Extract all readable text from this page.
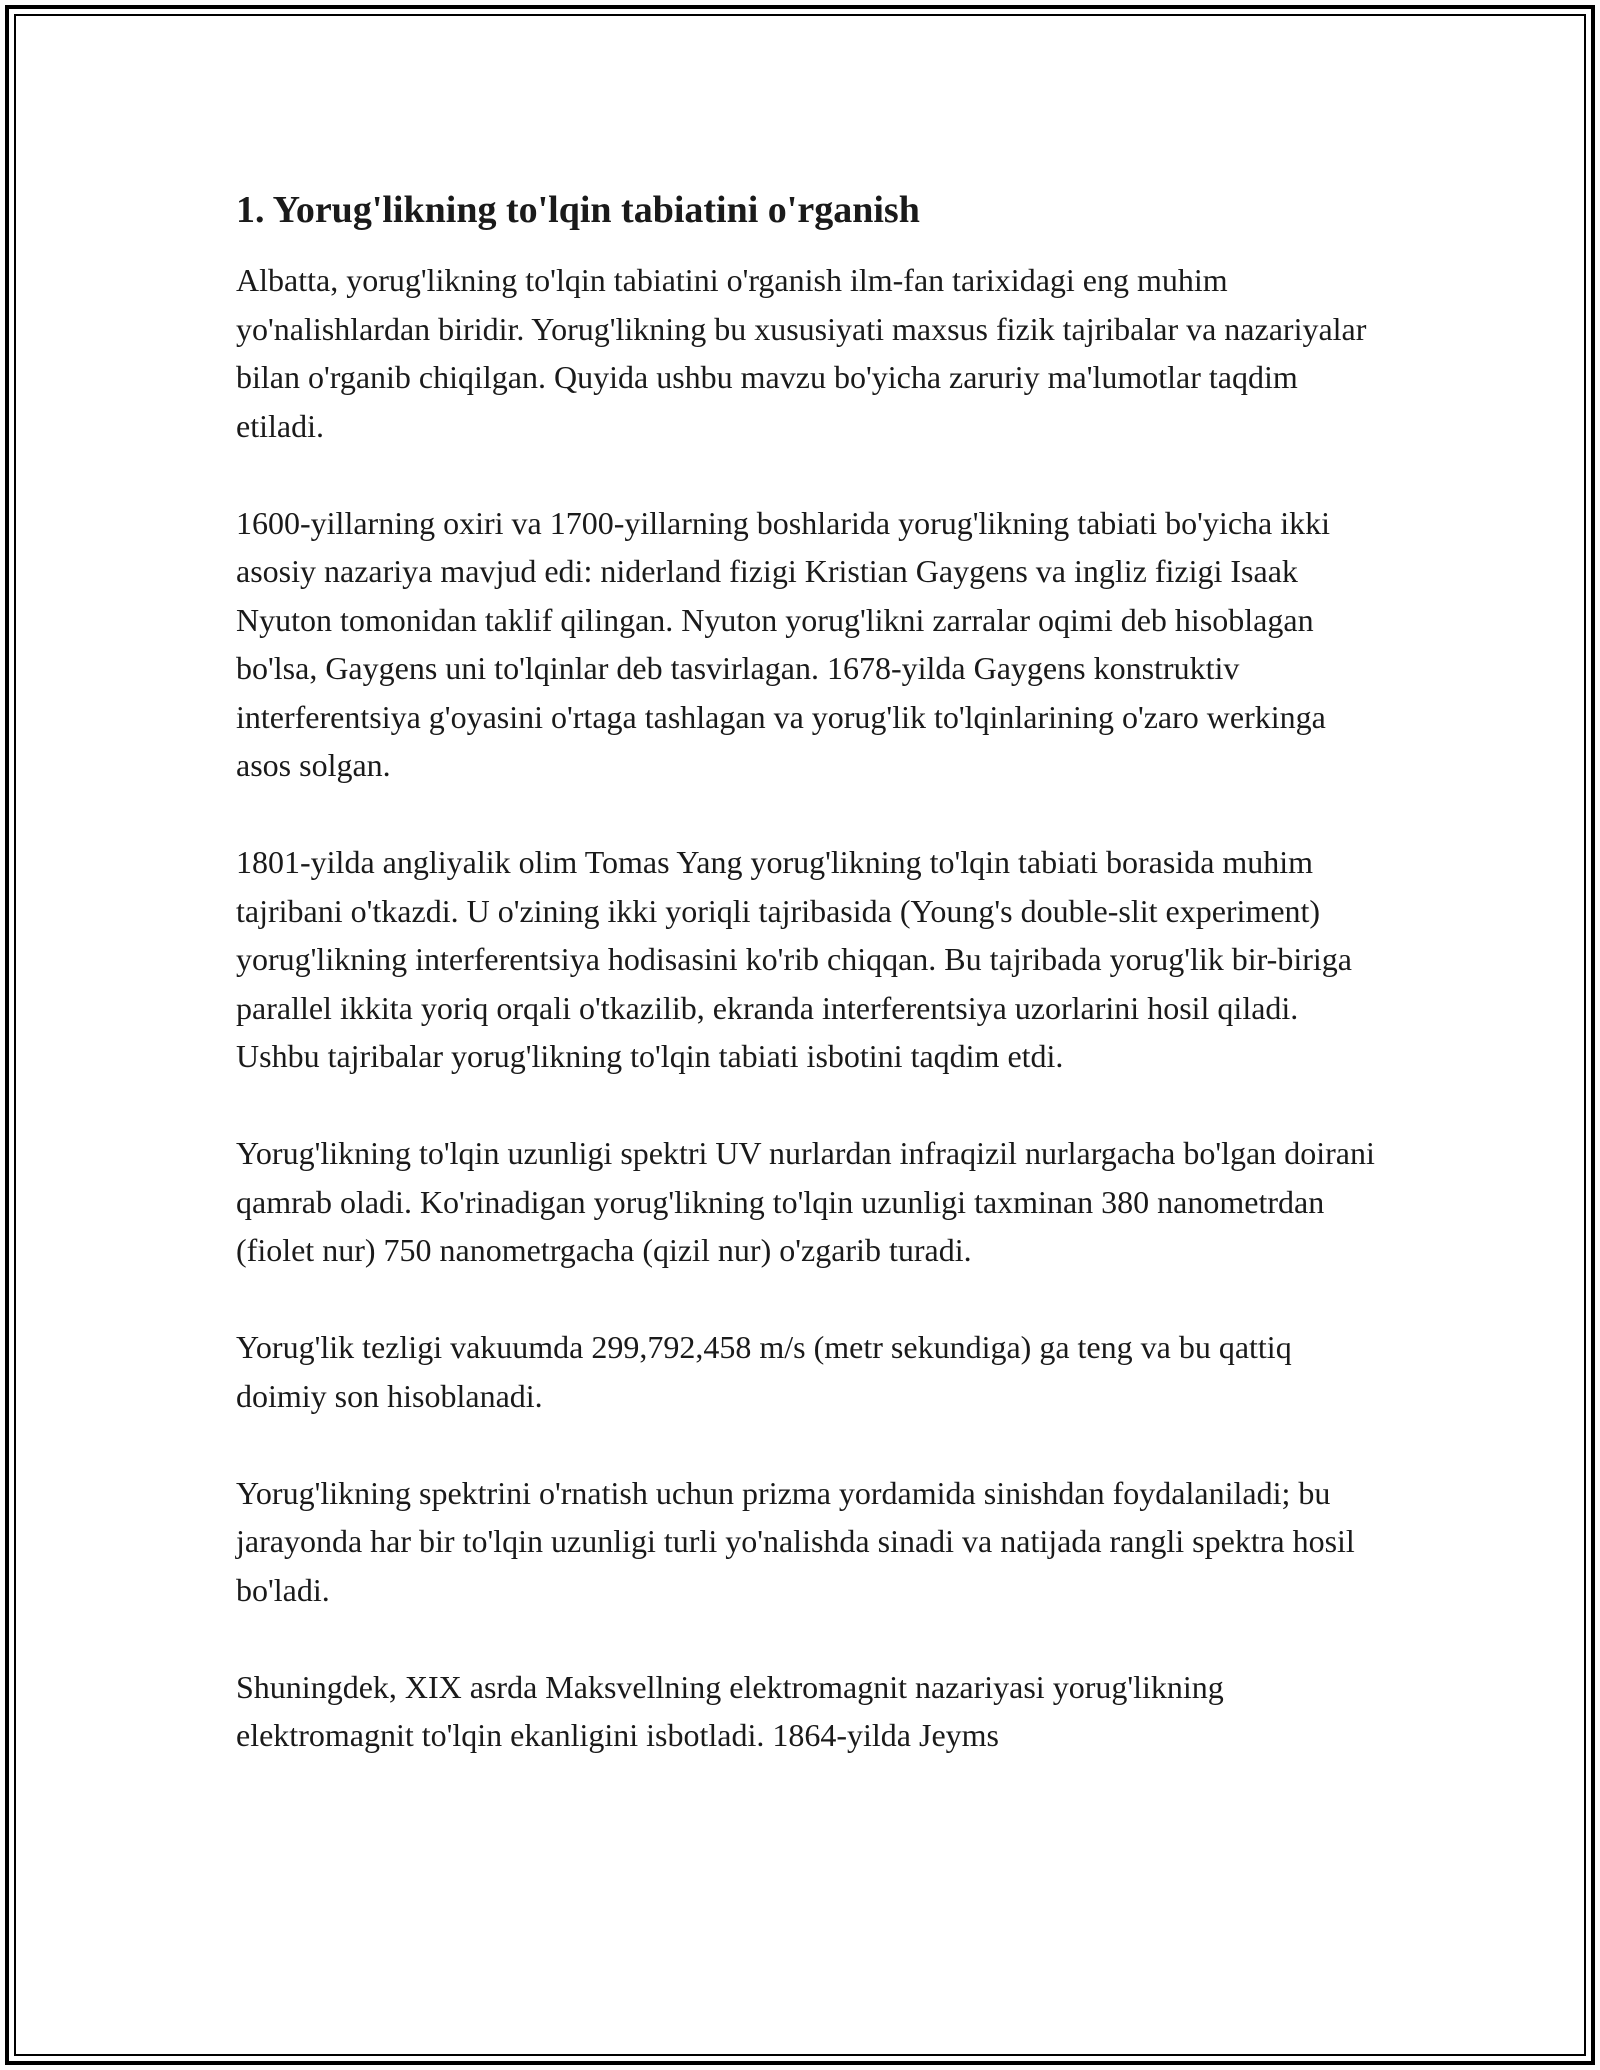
1. Yorug'likning to'lqin tabiatini o'rganish

Albatta, yorug'likning to'lqin tabiatini o'rganish ilm-fan tarixidagi eng muhim yo'nalishlardan biridir. Yorug'likning bu xususiyati maxsus fizik tajribalar va nazariyalar bilan o'rganib chiqilgan. Quyida ushbu mavzu bo'yicha zaruriy ma'lumotlar taqdim etiladi.

1600-yillarning oxiri va 1700-yillarning boshlarida yorug'likning tabiati bo'yicha ikki asosiy nazariya mavjud edi: niderland fizigi Kristian Gaygens va ingliz fizigi Isaak Nyuton tomonidan taklif qilingan. Nyuton yorug'likni zarralar oqimi deb hisoblagan bo'lsa, Gaygens uni to'lqinlar deb tasvirlagan. 1678-yilda Gaygens konstruktiv interferentsiya g'oyasini o'rtaga tashlagan va yorug'lik to'lqinlarining o'zaro werkinga asos solgan.

1801-yilda angliyalik olim Tomas Yang yorug'likning to'lqin tabiati borasida muhim tajribani o'tkazdi. U o'zining ikki yoriqli tajribasida (Young's double-slit experiment) yorug'likning interferentsiya hodisasini ko'rib chiqqan. Bu tajribada yorug'lik bir-biriga parallel ikkita yoriq orqali o'tkazilib, ekranda interferentsiya uzorlarini hosil qiladi. Ushbu tajribalar yorug'likning to'lqin tabiati isbotini taqdim etdi.

Yorug'likning to'lqin uzunligi spektri UV nurlardan infraqizil nurlargacha bo'lgan doirani qamrab oladi. Ko'rinadigan yorug'likning to'lqin uzunligi taxminan 380 nanometrdan (fiolet nur) 750 nanometrgacha (qizil nur) o'zgarib turadi.

Yorug'lik tezligi vakuumda 299,792,458 m/s (metr sekundiga) ga teng va bu qattiq doimiy son hisoblanadi.

Yorug'likning spektrini o'rnatish uchun prizma yordamida sinishdan foydalaniladi; bu jarayonda har bir to'lqin uzunligi turli yo'nalishda sinadi va natijada rangli spektra hosil bo'ladi.

Shuningdek, XIX asrda Maksvellning elektromagnit nazariyasi yorug'likning elektromagnit to'lqin ekanligini isbotladi. 1864-yilda Jeyms
